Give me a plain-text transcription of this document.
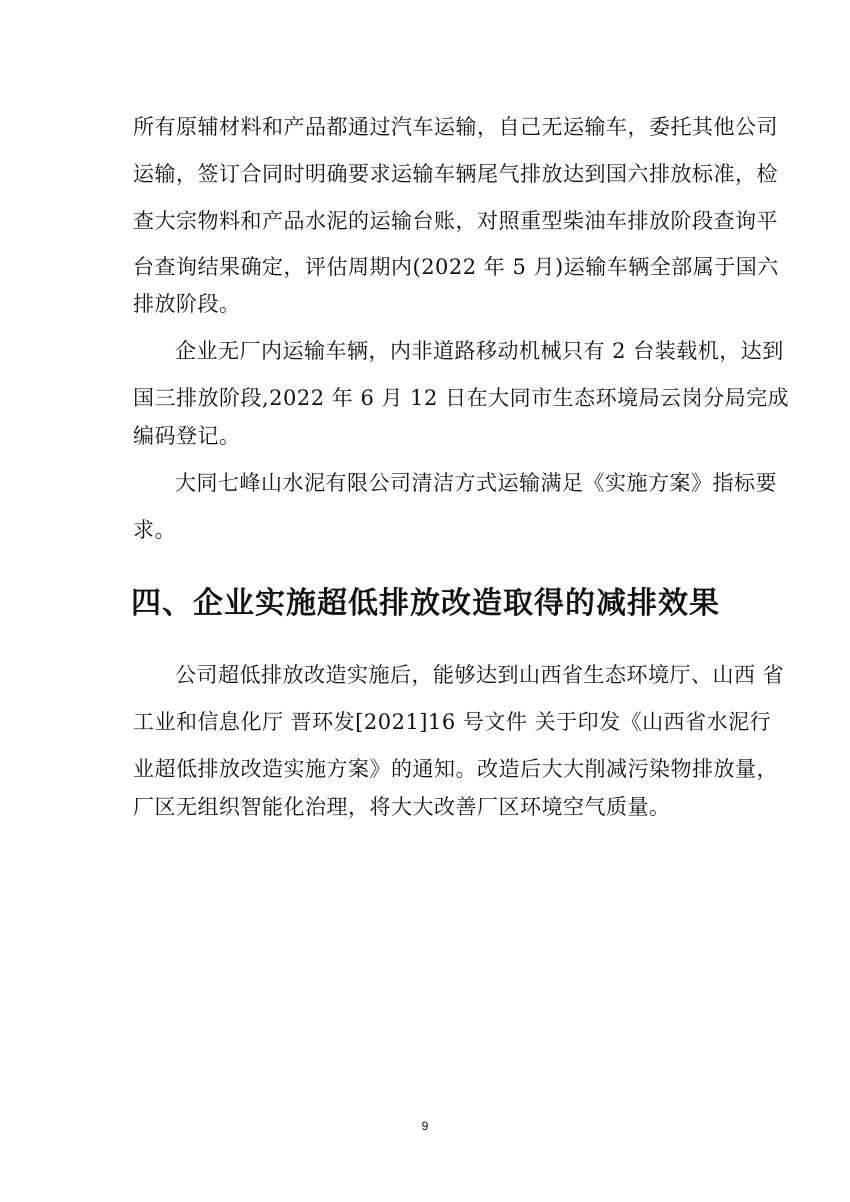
所有原辅材料和产品都通过汽车运输，自己无运输车，委托其他公司
运输，签订合同时明确要求运输车辆尾气排放达到国六排放标准，检
查大宗物料和产品水泥的运输台账，对照重型柴油车排放阶段查询平
台查询结果确定，评估周期内(2022 年 5 月)运输车辆全部属于国六
排放阶段。
企业无厂内运输车辆，内非道路移动机械只有 2 台装载机，达到
国三排放阶段,2022 年 6 月 12 日在大同市生态环境局云岗分局完成
编码登记。
大同七峰山水泥有限公司清洁方式运输满足《实施方案》指标要
求。
四、企业实施超低排放改造取得的减排效果
公司超低排放改造实施后，能够达到山西省生态环境厅、山西 省
工业和信息化厅 晋环发[2021]16 号文件 关于印发《山西省水泥行
业超低排放改造实施方案》的通知。改造后大大削减污染物排放量，
厂区无组织智能化治理，将大大改善厂区环境空气质量。
9
